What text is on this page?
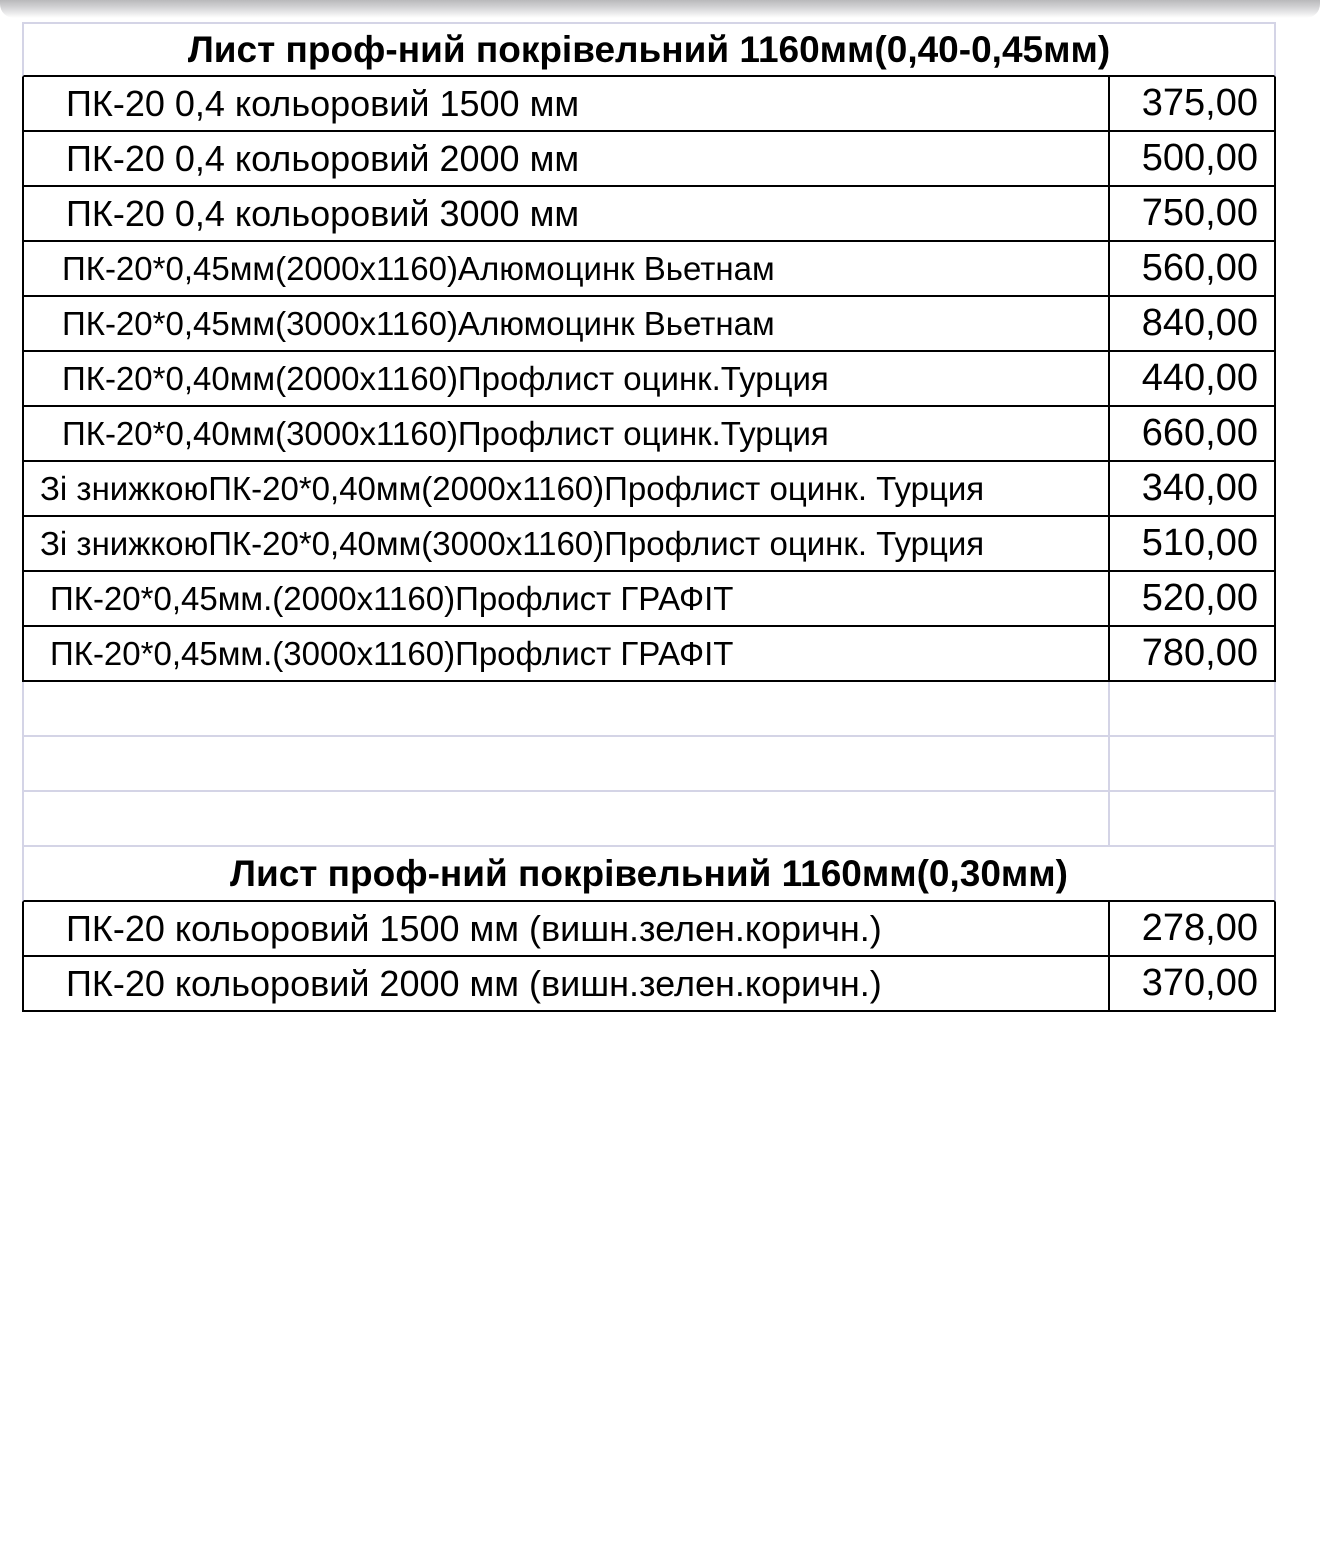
Лист проф-ний покрівельний 1160мм(0,40-0,45мм)
ПК-20 0,4 кольоровий 1500 мм	375,00
ПК-20 0,4 кольоровий 2000 мм	500,00
ПК-20 0,4 кольоровий 3000 мм	750,00
ПК-20*0,45мм(2000х1160)Алюмоцинк Вьетнам	560,00
ПК-20*0,45мм(3000х1160)Алюмоцинк Вьетнам	840,00
ПК-20*0,40мм(2000х1160)Профлист оцинк.Турция	440,00
ПК-20*0,40мм(3000х1160)Профлист оцинк.Турция	660,00
Зі знижкоюПК-20*0,40мм(2000х1160)Профлист оцинк. Турция	340,00
Зі знижкоюПК-20*0,40мм(3000х1160)Профлист оцинк. Турция	510,00
ПК-20*0,45мм.(2000х1160)Профлист ГРАФІТ	520,00
ПК-20*0,45мм.(3000х1160)Профлист ГРАФІТ	780,00
Лист проф-ний покрівельний 1160мм(0,30мм)
ПК-20 кольоровий 1500 мм (вишн.зелен.коричн.)	278,00
ПК-20 кольоровий 2000 мм (вишн.зелен.коричн.)	370,00
